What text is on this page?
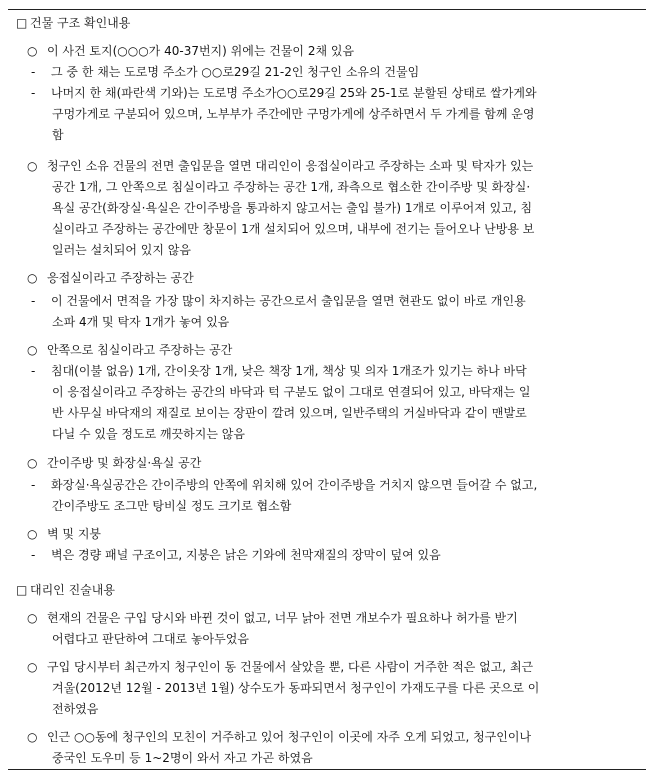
□ 건물 구조 확인내용
○ 이 사건 토지(○○○가 40-37번지) 위에는 건물이 2채 있음
- 그 중 한 채는 도로명 주소가 ○○로29길 21-2인 청구인 소유의 건물임
- 나머지 한 채(파란색 기와)는 도로명 주소가○○로29길 25와 25-1로 분할된 상태로 쌀가게와
구멍가게로 구분되어 있으며, 노부부가 주간에만 구멍가게에 상주하면서 두 가게를 함께 운영
함
○ 청구인 소유 건물의 전면 출입문을 열면 대리인이 응접실이라고 주장하는 소파 및 탁자가 있는
공간 1개, 그 안쪽으로 침실이라고 주장하는 공간 1개, 좌측으로 협소한 간이주방 및 화장실·
욕실 공간(화장실·욕실은 간이주방을 통과하지 않고서는 출입 불가) 1개로 이루어져 있고, 침
실이라고 주장하는 공간에만 창문이 1개 설치되어 있으며, 내부에 전기는 들어오나 난방용 보
일러는 설치되어 있지 않음
○ 응접실이라고 주장하는 공간
- 이 건물에서 면적을 가장 많이 차지하는 공간으로서 출입문을 열면 현관도 없이 바로 개인용
소파 4개 및 탁자 1개가 놓여 있음
○ 안쪽으로 침실이라고 주장하는 공간
- 침대(이불 없음) 1개, 간이옷장 1개, 낮은 책장 1개, 책상 및 의자 1개조가 있기는 하나 바닥
이 응접실이라고 주장하는 공간의 바닥과 턱 구분도 없이 그대로 연결되어 있고, 바닥재는 일
반 사무실 바닥재의 재질로 보이는 장판이 깔려 있으며, 일반주택의 거실바닥과 같이 맨발로
다닐 수 있을 정도로 깨끗하지는 않음
○ 간이주방 및 화장실·욕실 공간
- 화장실·욕실공간은 간이주방의 안쪽에 위치해 있어 간이주방을 거치지 않으면 들어갈 수 없고,
간이주방도 조그만 탕비실 정도 크기로 협소함
○ 벽 및 지붕
- 벽은 경량 패널 구조이고, 지붕은 낡은 기와에 천막재질의 장막이 덮여 있음
□ 대리인 진술내용
○ 현재의 건물은 구입 당시와 바뀐 것이 없고, 너무 낡아 전면 개보수가 필요하나 허가를 받기
어렵다고 판단하여 그대로 놓아두었음
○ 구입 당시부터 최근까지 청구인이 동 건물에서 살았을 뿐, 다른 사람이 거주한 적은 없고, 최근
겨울(2012년 12월 - 2013년 1월) 상수도가 동파되면서 청구인이 가재도구를 다른 곳으로 이
전하였음
○ 인근 ○○동에 청구인의 모친이 거주하고 있어 청구인이 이곳에 자주 오게 되었고, 청구인이나
중국인 도우미 등 1~2명이 와서 자고 가곤 하였음
